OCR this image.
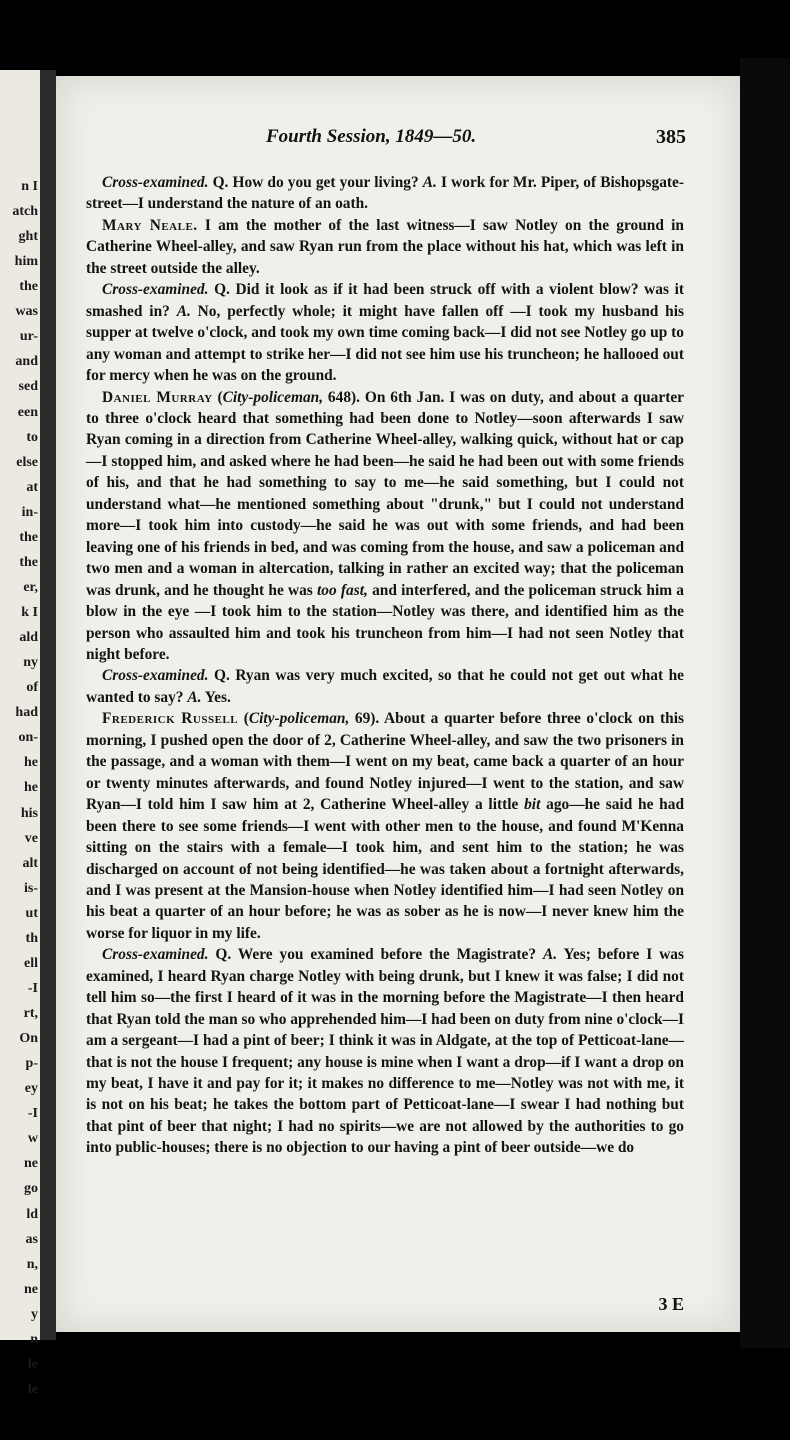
n I
atch
ght
him
the
was
ur-
and
sed
een
to
else
at
in-
the
the
er,
k I
ald
ny
of
had
on-
he
he
his
ve
alt
is-
ut
th
ell
-I
rt,
On
p-
ey
-I
w
ne
go
ld
as
n,
ne
y
n
le
le
Fourth Session, 1849—50.	385

Cross-examined. Q. How do you get your living? A. I work for Mr. Piper, of Bishopsgate-street—I understand the nature of an oath.

Mary Neale. I am the mother of the last witness—I saw Notley on the ground in Catherine Wheel-alley, and saw Ryan run from the place without his hat, which was left in the street outside the alley.

Cross-examined. Q. Did it look as if it had been struck off with a violent blow? was it smashed in? A. No, perfectly whole; it might have fallen off —I took my husband his supper at twelve o'clock, and took my own time coming back—I did not see Notley go up to any woman and attempt to strike her—I did not see him use his truncheon; he hallooed out for mercy when he was on the ground.

Daniel Murray (City-policeman, 648). On 6th Jan. I was on duty, and about a quarter to three o'clock heard that something had been done to Notley—soon afterwards I saw Ryan coming in a direction from Catherine Wheel-alley, walking quick, without hat or cap—I stopped him, and asked where he had been—he said he had been out with some friends of his, and that he had something to say to me—he said something, but I could not understand what—he mentioned something about "drunk," but I could not understand more—I took him into custody—he said he was out with some friends, and had been leaving one of his friends in bed, and was coming from the house, and saw a policeman and two men and a woman in altercation, talking in rather an excited way; that the policeman was drunk, and he thought he was too fast, and interfered, and the policeman struck him a blow in the eye —I took him to the station—Notley was there, and identified him as the person who assaulted him and took his truncheon from him—I had not seen Notley that night before.

Cross-examined. Q. Ryan was very much excited, so that he could not get out what he wanted to say? A. Yes.

Frederick Russell (City-policeman, 69). About a quarter before three o'clock on this morning, I pushed open the door of 2, Catherine Wheel-alley, and saw the two prisoners in the passage, and a woman with them—I went on my beat, came back a quarter of an hour or twenty minutes afterwards, and found Notley injured—I went to the station, and saw Ryan—I told him I saw him at 2, Catherine Wheel-alley a little bit ago—he said he had been there to see some friends—I went with other men to the house, and found M'Kenna sitting on the stairs with a female—I took him, and sent him to the station; he was discharged on account of not being identified—he was taken about a fortnight afterwards, and I was present at the Mansion-house when Notley identified him—I had seen Notley on his beat a quarter of an hour before; he was as sober as he is now—I never knew him the worse for liquor in my life.

Cross-examined. Q. Were you examined before the Magistrate? A. Yes; before I was examined, I heard Ryan charge Notley with being drunk, but I knew it was false; I did not tell him so—the first I heard of it was in the morning before the Magistrate—I then heard that Ryan told the man so who apprehended him—I had been on duty from nine o'clock—I am a sergeant—I had a pint of beer; I think it was in Aldgate, at the top of Petticoat-lane—that is not the house I frequent; any house is mine when I want a drop—if I want a drop on my beat, I have it and pay for it; it makes no difference to me—Notley was not with me, it is not on his beat; he takes the bottom part of Petticoat-lane—I swear I had nothing but that pint of beer that night; I had no spirits—we are not allowed by the authorities to go into public-houses; there is no objection to our having a pint of beer outside—we do

3 E
